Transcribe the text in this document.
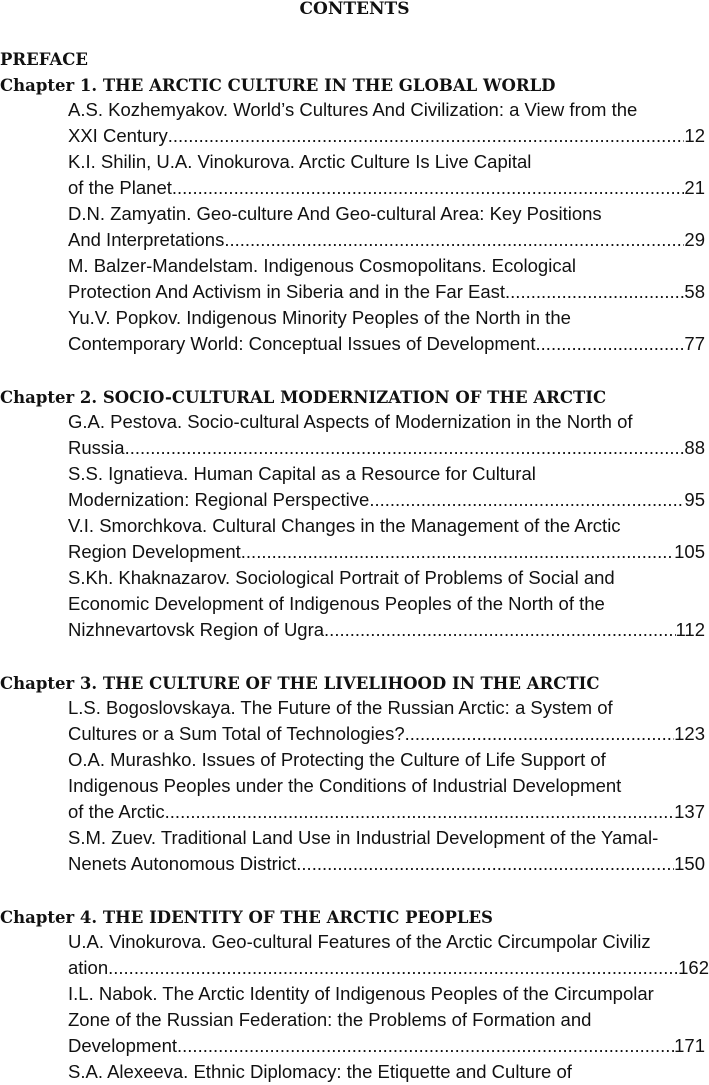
CONTENTS
PREFACE
Chapter 1. THE ARCTIC CULTURE IN THE GLOBAL WORLD
A.S. Kozhemyakov. World’s Cultures And Civilization: a View from the
XXI Century .....	12
K.I. Shilin, U.A. Vinokurova. Arctic Culture Is Live Capital
of the Planet .....	21
D.N. Zamyatin. Geo-culture And Geo-cultural Area: Key Positions
And Interpretations .....	29
M. Balzer-Mandelstam. Indigenous Cosmopolitans. Ecological
Protection And Activism in Siberia and in the Far East .....	58
Yu.V. Popkov. Indigenous Minority Peoples of the North in the
Contemporary World: Conceptual Issues of Development .....	77
Chapter 2. SOCIO-CULTURAL MODERNIZATION OF THE ARCTIC
G.A. Pestova. Socio-cultural Aspects of Modernization in the North of
Russia .....	88
S.S. Ignatieva. Human Capital as a Resource for Cultural
Modernization: Regional Perspective .....	95
V.I. Smorchkova. Cultural Changes in the Management of the Arctic
Region Development .....	105
S.Kh. Khaknazarov. Sociological Portrait of Problems of Social and
Economic Development of Indigenous Peoples of the North of the
Nizhnevartovsk Region of Ugra .....	112
Chapter 3. THE CULTURE OF THE LIVELIHOOD IN THE ARCTIC
L.S. Bogoslovskaya. The Future of the Russian Arctic: a System of
Cultures or a Sum Total of Technologies? .....	123
O.A. Murashko. Issues of Protecting the Culture of Life Support of
Indigenous Peoples under the Conditions of Industrial Development
of the Arctic .....	137
S.M. Zuev. Traditional Land Use in Industrial Development of the Yamal-
Nenets Autonomous District .....	150
Chapter 4. THE IDENTITY OF THE ARCTIC PEOPLES
U.A. Vinokurova. Geo-cultural Features of the Arctic Circumpolar Civiliz
ation .....	162
I.L. Nabok. The Arctic Identity of Indigenous Peoples of the Circumpolar
Zone of the Russian Federation: the Problems of Formation and
Development .....	171
S.A. Alexeeva. Ethnic Diplomacy: the Etiquette and Culture of
